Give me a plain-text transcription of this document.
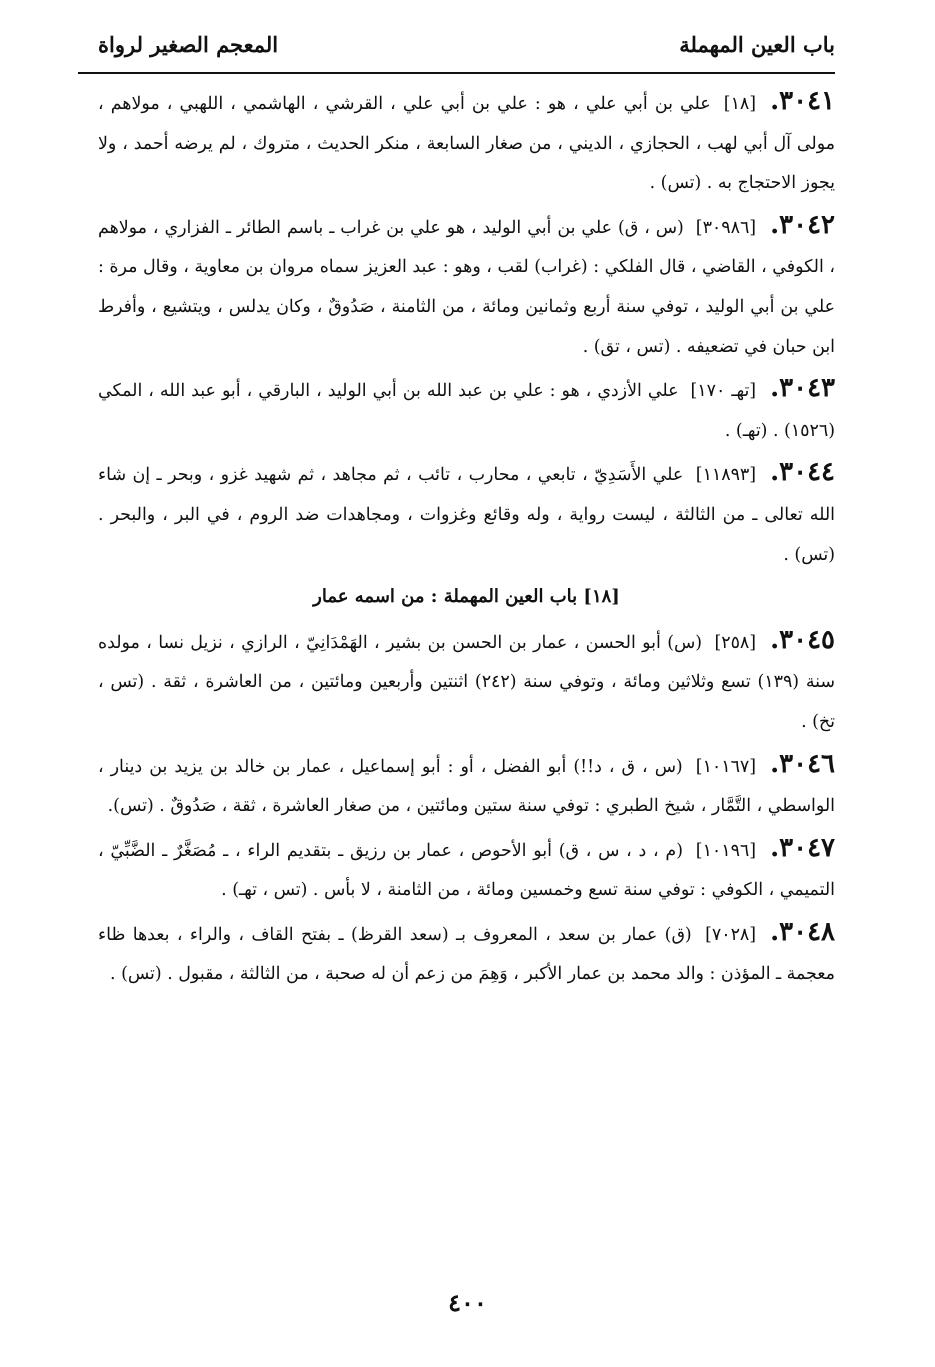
باب العين المهملة
المعجم الصغير لرواة

٣٠٤١.[١٨] علي بن أبي علي ، هو : علي بن أبي علي ، القرشي ، الهاشمي ، اللهبي ، مولاهم ، مولى آل أبي لهب ، الحجازي ، الديني ، من صغار السابعة ، منكر الحديث ، متروك ، لم يرضه أحمد ، ولا يجوز الاحتجاج به . (تس) .

٣٠٤٢.[٣٠٩٨٦] (س ، ق) علي بن أبي الوليد ، هو علي بن غراب ـ باسم الطائر ـ الفزاري ، مولاهم ، الكوفي ، القاضي ، قال الفلكي : (غراب) لقب ، وهو : عبد العزيز سماه مروان بن معاوية ، وقال مرة : علي بن أبي الوليد ، توفي سنة أربع وثمانين ومائة ، من الثامنة ، صَدُوقٌ ، وكان يدلس ، ويتشيع ، وأفرط ابن حبان في تضعيفه . (تس ، تق) .

٣٠٤٣.[تهـ ١٧٠] علي الأزدي ، هو : علي بن عبد الله بن أبي الوليد ، البارقي ، أبو عبد الله ، المكي (١٥٢٦) . (تهـ) .

٣٠٤٤.[١١٨٩٣] علي الأَسَدِيّ ، تابعي ، محارب ، تائب ، ثم مجاهد ، ثم شهيد غزو ، وبحر ـ إن شاء الله تعالى ـ من الثالثة ، ليست رواية ، وله وقائع وغزوات ، ومجاهدات ضد الروم ، في البر ، والبحر . (تس) .

[١٨] باب العين المهملة : من اسمه عمار

٣٠٤٥.[٢٥٨] (س) أبو الحسن ، عمار بن الحسن بن بشير ، الهَمْدَانِيّ ، الرازي ، نزيل نسا ، مولده سنة (١٣٩) تسع وثلاثين ومائة ، وتوفي سنة (٢٤٢) اثنتين وأربعين ومائتين ، من العاشرة ، ثقة . (تس ، تخ) .

٣٠٤٦.[١٠١٦٧] (س ، ق ، د!!) أبو الفضل ، أو : أبو إسماعيل ، عمار بن خالد بن يزيد بن دينار ، الواسطي ، التَّمَّار ، شيخ الطبري : توفي سنة ستين ومائتين ، من صغار العاشرة ، ثقة ، صَدُوقٌ . (تس).

٣٠٤٧.[١٠١٩٦] (م ، د ، س ، ق) أبو الأحوص ، عمار بن رزيق ـ بتقديم الراء ، ـ مُصَغَّرٌ ـ الضَّبِّيّ ، التميمي ، الكوفي : توفي سنة تسع وخمسين ومائة ، من الثامنة ، لا بأس . (تس ، تهـ) .

٣٠٤٨.[٧٠٢٨] (ق) عمار بن سعد ، المعروف بـ (سعد القرظ) ـ بفتح القاف ، والراء ، بعدها ظاء معجمة ـ المؤذن : والد محمد بن عمار الأكبر ، وَهِمَ من زعم أن له صحبة ، من الثالثة ، مقبول . (تس) .

٤٠٠
